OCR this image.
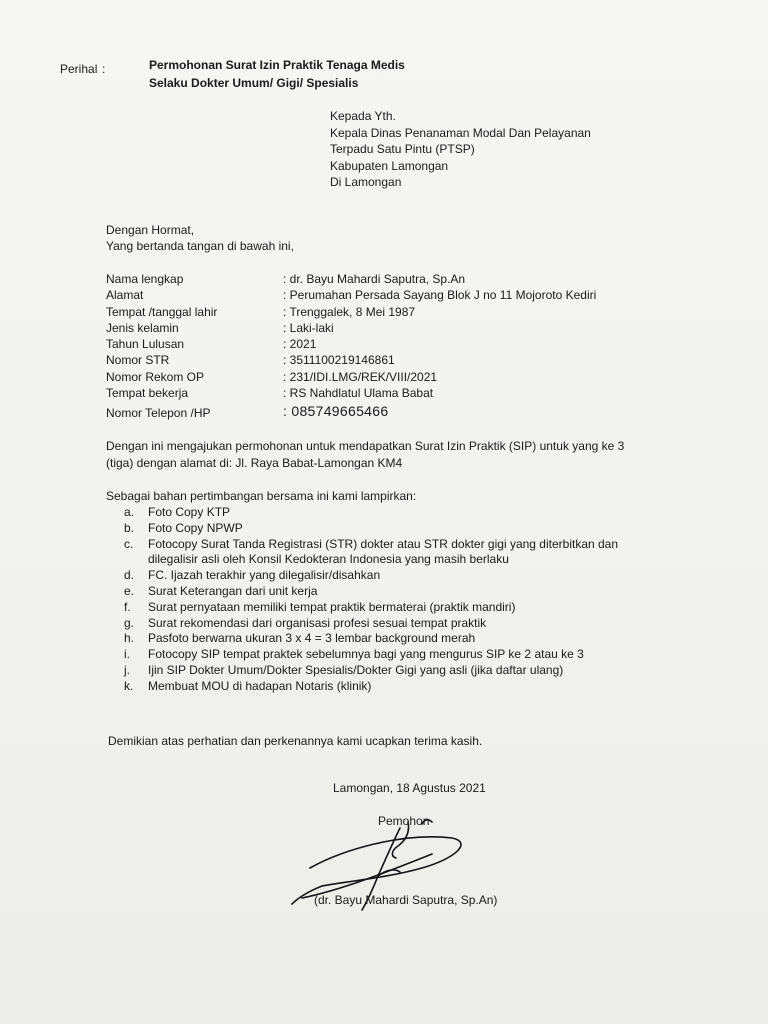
Perihal :	Permohonan Surat Izin Praktik Tenaga Medis
Selaku Dokter Umum/ Gigi/ Spesialis
Kepada Yth.
Kepala Dinas Penanaman Modal Dan Pelayanan
Terpadu Satu Pintu (PTSP)
Kabupaten Lamongan
Di Lamongan
Dengan Hormat,
Yang bertanda tangan di bawah ini,
Nama lengkap	: dr. Bayu Mahardi Saputra, Sp.An
Alamat	: Perumahan Persada Sayang Blok J no 11 Mojoroto Kediri
Tempat /tanggal lahir	: Trenggalek, 8 Mei 1987
Jenis kelamin	: Laki-laki
Tahun Lulusan	: 2021
Nomor STR	: 3511100219146861
Nomor Rekom OP	: 231/IDI.LMG/REK/VIII/2021
Tempat bekerja	: RS Nahdlatul Ulama Babat
Nomor Telepon /HP	: 085749665466
Dengan ini mengajukan permohonan untuk mendapatkan Surat Izin Praktik (SIP) untuk yang ke 3
(tiga) dengan alamat di: Jl. Raya Babat-Lamongan KM4
Sebagai bahan pertimbangan bersama ini kami lampirkan:
a.	Foto Copy KTP
b.	Foto Copy NPWP
c.	Fotocopy Surat Tanda Registrasi (STR) dokter atau STR dokter gigi yang diterbitkan dan
dilegalisir asli oleh Konsil Kedokteran Indonesia yang masih berlaku
d.	FC. Ijazah terakhir yang dilegalisir/disahkan
e.	Surat Keterangan dari unit kerja
f.	Surat pernyataan memiliki tempat praktik bermaterai (praktik mandiri)
g.	Surat rekomendasi dari organisasi profesi sesuai tempat praktik
h.	Pasfoto berwarna ukuran 3 x 4 = 3 lembar background merah
i.	Fotocopy SIP tempat praktek sebelumnya bagi yang mengurus SIP ke 2 atau ke 3
j.	Ijin SIP Dokter Umum/Dokter Spesialis/Dokter Gigi yang asli (jika daftar ulang)
k.	Membuat MOU di hadapan Notaris (klinik)
Demikian atas perhatian dan perkenannya kami ucapkan terima kasih.
Lamongan, 18 Agustus 2021
Pemohon
(dr. Bayu Mahardi Saputra, Sp.An)
